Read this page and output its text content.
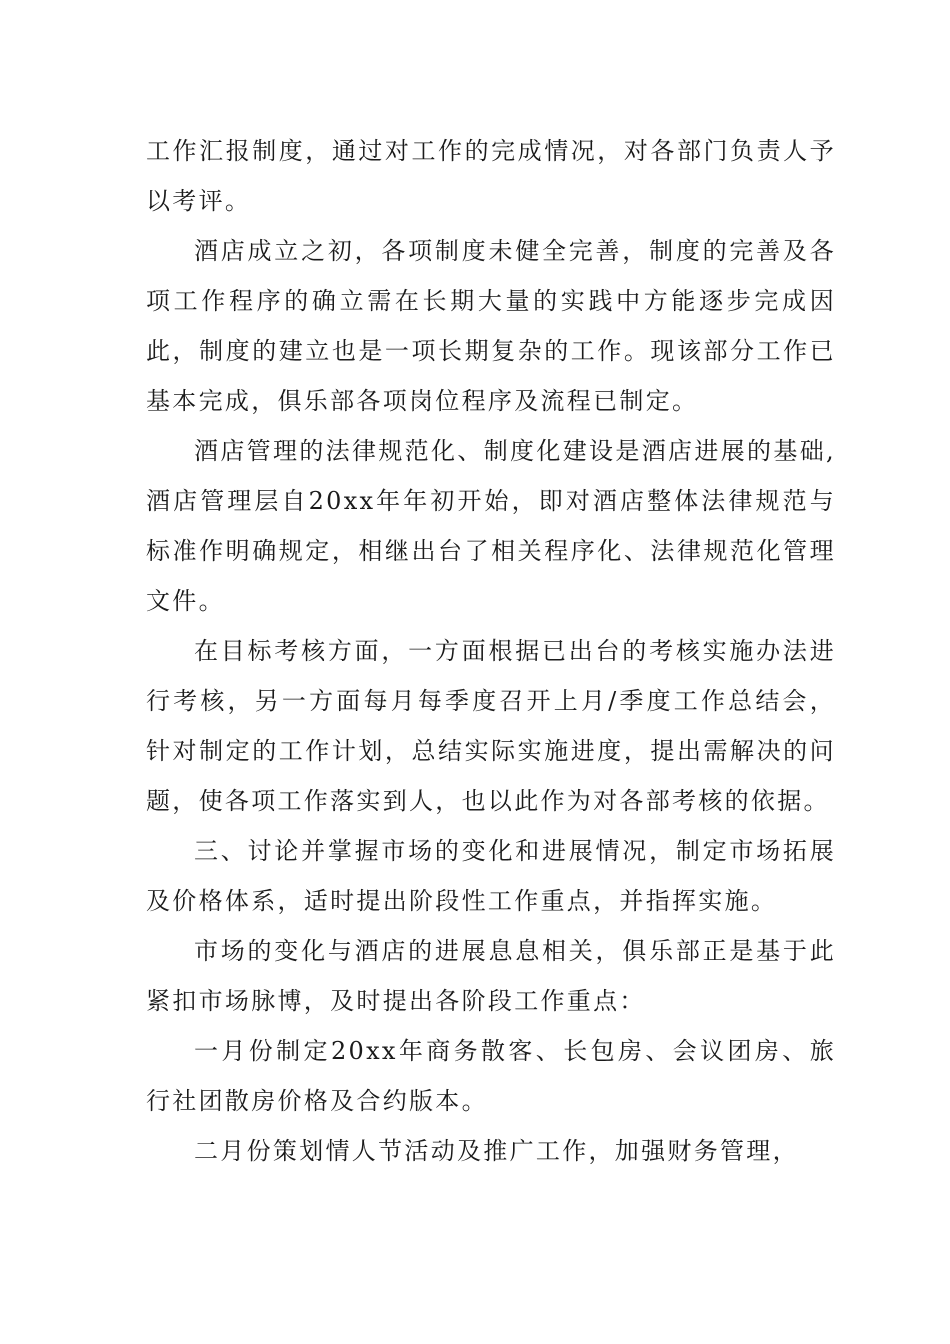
工作汇报制度，通过对工作的完成情况，对各部门负责人予以考评。

酒店成立之初，各项制度未健全完善，制度的完善及各项工作程序的确立需在长期大量的实践中方能逐步完成因此，制度的建立也是一项长期复杂的工作。现该部分工作已基本完成，俱乐部各项岗位程序及流程已制定。

酒店管理的法律规范化、制度化建设是酒店进展的基础,酒店管理层自20xx年年初开始，即对酒店整体法律规范与标准作明确规定，相继出台了相关程序化、法律规范化管理文件。

在目标考核方面，一方面根据已出台的考核实施办法进行考核，另一方面每月每季度召开上月/季度工作总结会，针对制定的工作计划，总结实际实施进度，提出需解决的问题，使各项工作落实到人，也以此作为对各部考核的依据。

三、讨论并掌握市场的变化和进展情况，制定市场拓展及价格体系，适时提出阶段性工作重点，并指挥实施。

市场的变化与酒店的进展息息相关，俱乐部正是基于此紧扣市场脉博，及时提出各阶段工作重点：

一月份制定20xx年商务散客、长包房、会议团房、旅行社团散房价格及合约版本。

二月份策划情人节活动及推广工作，加强财务管理，
